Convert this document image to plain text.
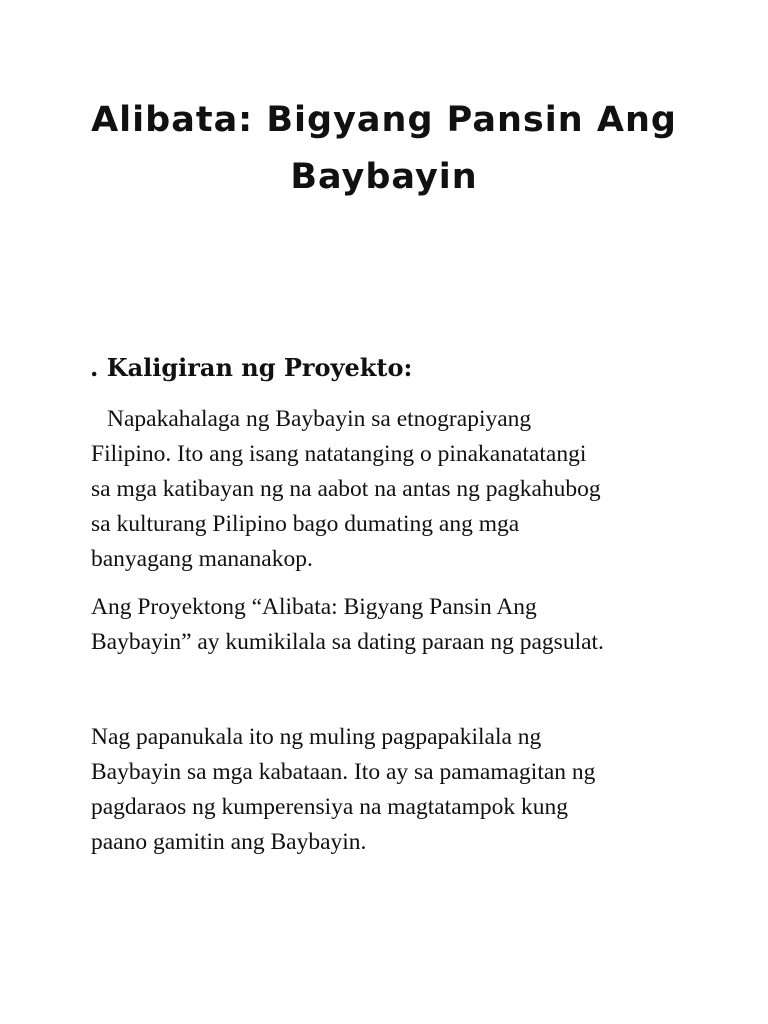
Alibata: Bigyang Pansin Ang
Baybayin
. Kaligiran ng Proyekto:

Napakahalaga ng Baybayin sa etnograpiyang
Filipino. Ito ang isang natatanging o pinakanatatangi
sa mga katibayan ng na aabot na antas ng pagkahubog
sa kulturang Pilipino bago dumating ang mga
banyagang mananakop.

Ang Proyektong “Alibata: Bigyang Pansin Ang
Baybayin” ay kumikilala sa dating paraan ng pagsulat.

Nag papanukala ito ng muling pagpapakilala ng
Baybayin sa mga kabataan. Ito ay sa pamamagitan ng
pagdaraos ng kumperensiya na magtatampok kung
paano gamitin ang Baybayin.
